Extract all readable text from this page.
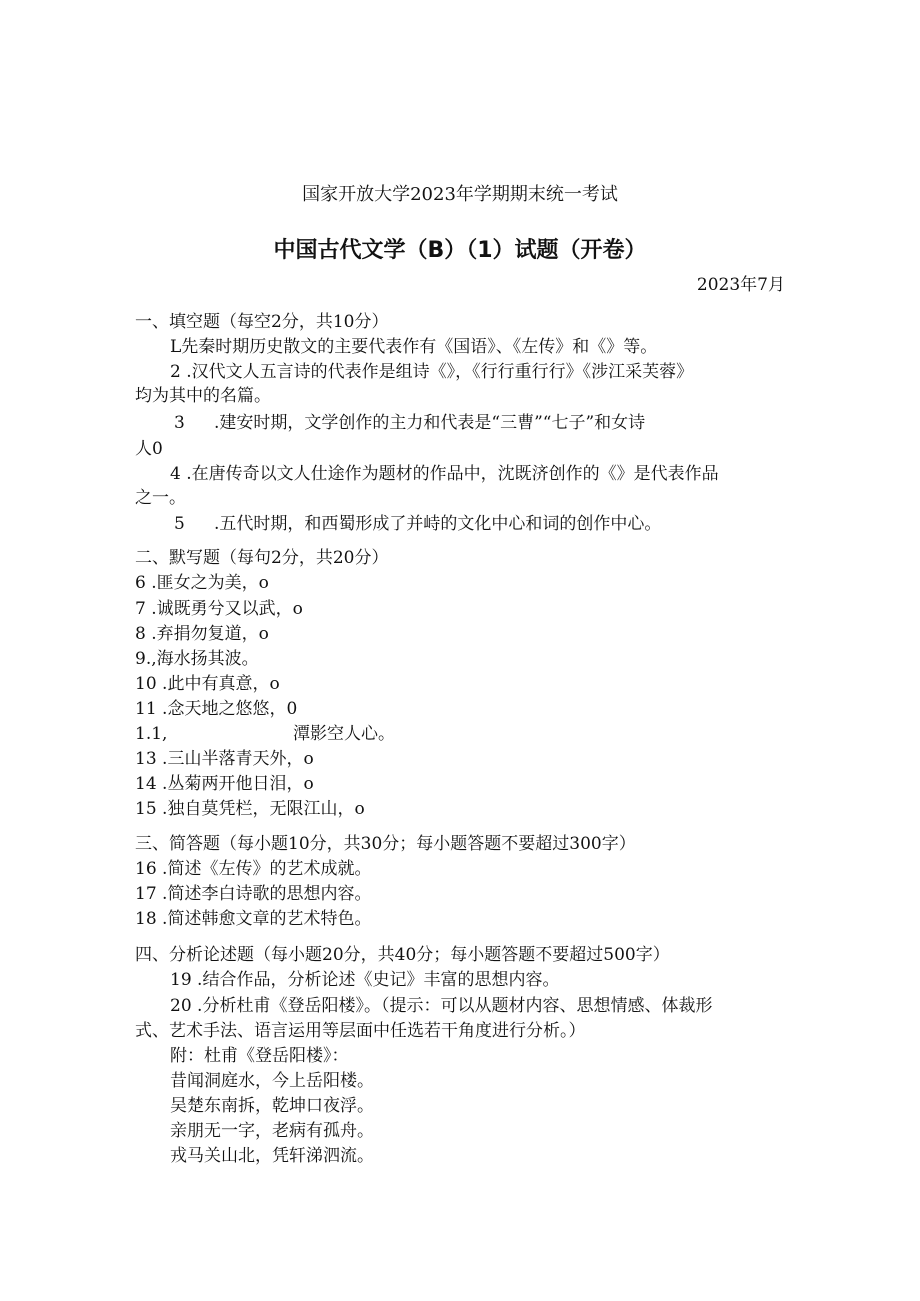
国家开放大学2023年学期期末统一考试
中国古代文学（B）（1）试题（开卷）
2023年7月
一、填空题（每空2分，共10分）
L先秦时期历史散文的主要代表作有《国语》、《左传》和《》等。
2 .汉代文人五言诗的代表作是组诗《》，《行行重行行》《涉江采芙蓉》
均为其中的名篇。
3 .建安时期，文学创作的主力和代表是“三曹”“七子”和女诗
人0
4 .在唐传奇以文人仕途作为题材的作品中，沈既济创作的《》是代表作品
之一。
5 .五代时期，和西蜀形成了并峙的文化中心和词的创作中心。
二、默写题（每句2分，共20分）
6 .匪女之为美，o
7 .诚既勇兮又以武，o
8 .弃捐勿复道，o
9.,海水扬其波。
10 .此中有真意，o
11 .念天地之悠悠，0
1.1,	潭影空人心。
13 .三山半落青天外，o
14 .丛菊两开他日泪，o
15 .独自莫凭栏，无限江山，o
三、简答题（每小题10分，共30分；每小题答题不要超过300字）
16 .简述《左传》的艺术成就。
17 .简述李白诗歌的思想内容。
18 .简述韩愈文章的艺术特色。
四、分析论述题（每小题20分，共40分；每小题答题不要超过500字）
19 .结合作品，分析论述《史记》丰富的思想内容。
20 .分析杜甫《登岳阳楼》。（提示：可以从题材内容、思想情感、体裁形
式、艺术手法、语言运用等层面中任选若干角度进行分析。）
附：杜甫《登岳阳楼》：
昔闻洞庭水，今上岳阳楼。
吴楚东南拆，乾坤口夜浮。
亲朋无一字，老病有孤舟。
戎马关山北，凭轩涕泗流。
